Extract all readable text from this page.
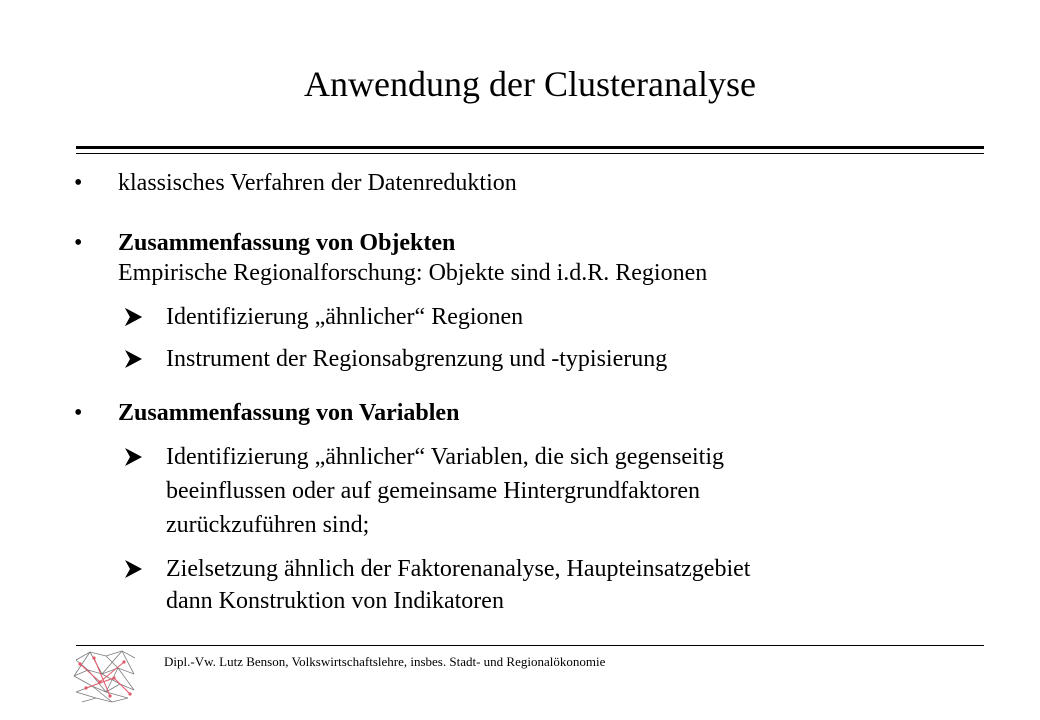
Anwendung der Clusteranalyse
•	klassisches Verfahren der Datenreduktion
•	Zusammenfassung von Objekten
Empirische Regionalforschung: Objekte sind i.d.R. Regionen
Identifizierung „ähnlicher“ Regionen
Instrument der Regionsabgrenzung und -typisierung
•	Zusammenfassung von Variablen
Identifizierung „ähnlicher“ Variablen, die sich gegenseitig
beeinflussen oder auf gemeinsame Hintergrundfaktoren
zurückzuführen sind;
Zielsetzung ähnlich der Faktorenanalyse, Haupteinsatzgebiet
dann Konstruktion von Indikatoren
Dipl.-Vw. Lutz Benson, Volkswirtschaftslehre, insbes. Stadt- und Regionalökonomie
